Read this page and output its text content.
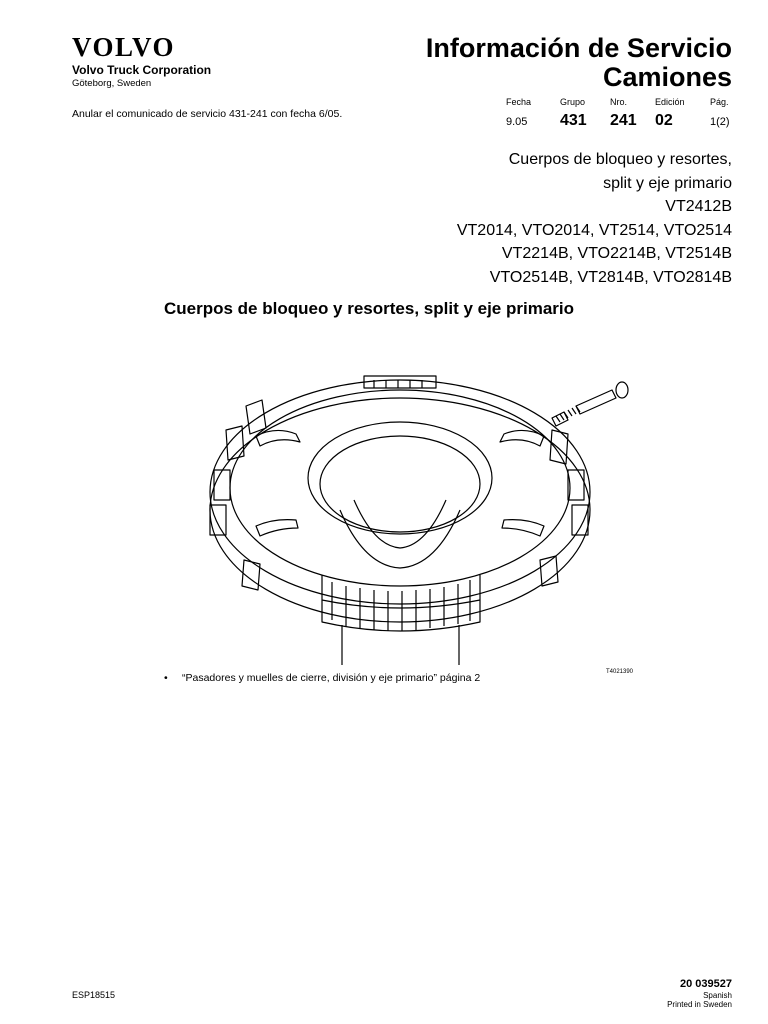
VOLVO
Volvo Truck Corporation
Göteborg, Sweden
Información de Servicio
Camiones
Anular el comunicado de servicio 431-241 con fecha 6/05.
Fecha	Grupo	Nro.	Edición	Pág.
9.05 431 241 02	1(2)
Cuerpos de bloqueo y resortes,
split y eje primario
VT2412B
VT2014, VTO2014, VT2514, VTO2514
VT2214B, VTO2214B, VT2514B
VTO2514B, VT2814B, VTO2814B
Cuerpos de bloqueo y resortes, split y eje primario
T4021390
• “Pasadores y muelles de cierre, división y eje primario” página 2
ESP18515
20 039527
Spanish
Printed in Sweden
